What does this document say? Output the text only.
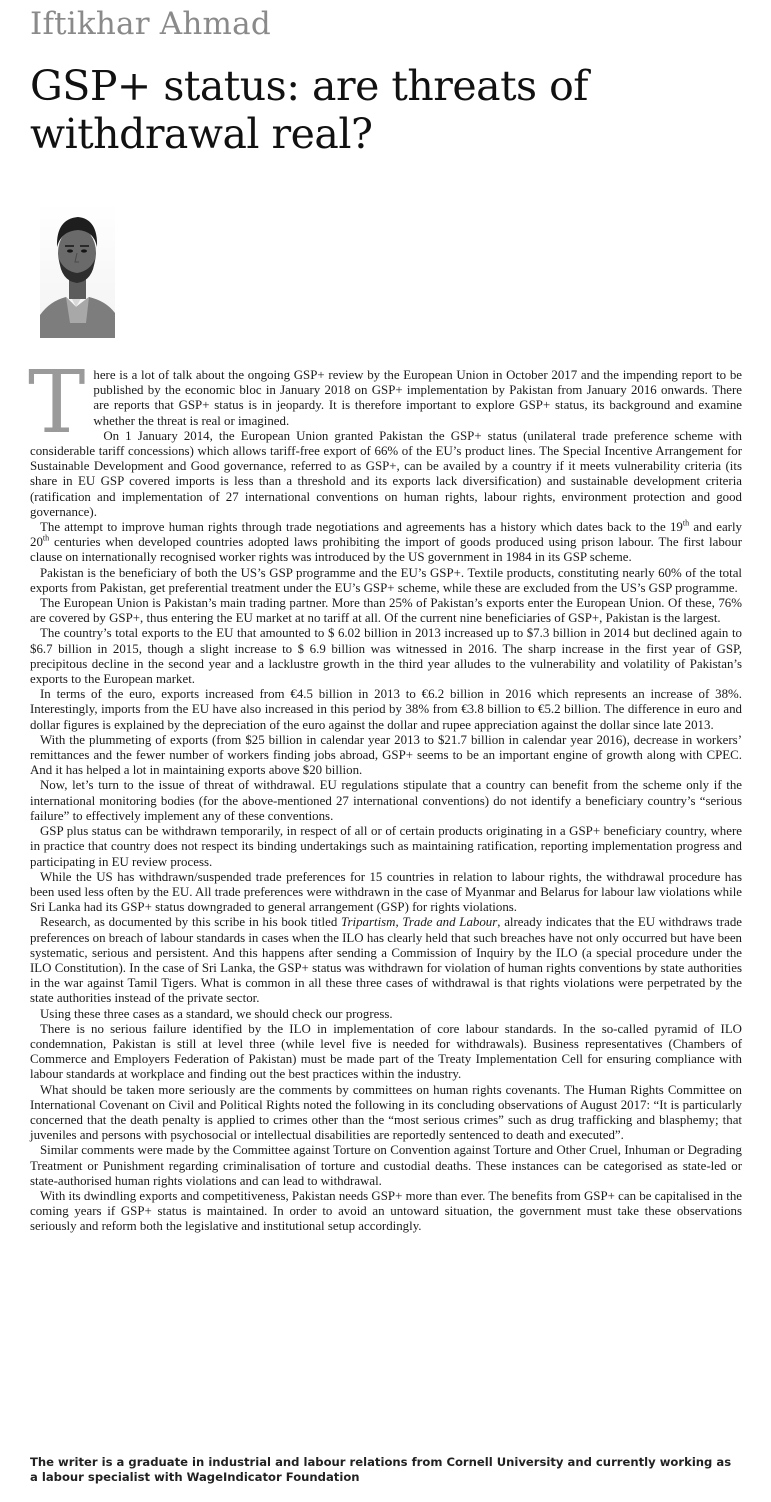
Iftikhar Ahmad
GSP+ status: are threats of withdrawal real?
T here is a lot of talk about the ongoing GSP+ review by the European Union in October 2017 and the impending report to be published by the economic bloc in January 2018 on GSP+ implementation by Pakistan from January 2016 onwards. There are reports that GSP+ status is in jeopardy. It is therefore important to explore GSP+ status, its background and examine whether the threat is real or imagined.

On 1 January 2014, the European Union granted Pakistan the GSP+ status (unilateral trade preference scheme with considerable tariff concessions) which allows tariff-free export of 66% of the EU’s product lines. The Special Incentive Arrangement for Sustainable Development and Good governance, referred to as GSP+, can be availed by a country if it meets vulnerability criteria (its share in EU GSP covered imports is less than a threshold and its exports lack diversification) and sustainable development criteria (ratification and implementation of 27 international conventions on human rights, labour rights, environment protection and good governance).

The attempt to improve human rights through trade negotiations and agreements has a history which dates back to the 19th and early 20th centuries when developed countries adopted laws prohibiting the import of goods produced using prison labour. The first labour clause on internationally recognised worker rights was introduced by the US government in 1984 in its GSP scheme.

Pakistan is the beneficiary of both the US’s GSP programme and the EU’s GSP+. Textile products, constituting nearly 60% of the total exports from Pakistan, get preferential treatment under the EU’s GSP+ scheme, while these are excluded from the US’s GSP programme.

The European Union is Pakistan’s main trading partner. More than 25% of Pakistan’s exports enter the European Union. Of these, 76% are covered by GSP+, thus entering the EU market at no tariff at all. Of the current nine beneficiaries of GSP+, Pakistan is the largest.

The country’s total exports to the EU that amounted to $ 6.02 billion in 2013 increased up to $7.3 billion in 2014 but declined again to $6.7 billion in 2015, though a slight increase to $ 6.9 billion was witnessed in 2016. The sharp increase in the first year of GSP, precipitous decline in the second year and a lacklustre growth in the third year alludes to the vulnerability and volatility of Pakistan’s exports to the European market.

In terms of the euro, exports increased from €4.5 billion in 2013 to €6.2 billion in 2016 which represents an increase of 38%. Interestingly, imports from the EU have also increased in this period by 38% from €3.8 billion to €5.2 billion. The difference in euro and dollar figures is explained by the depreciation of the euro against the dollar and rupee appreciation against the dollar since late 2013.

With the plummeting of exports (from $25 billion in calendar year 2013 to $21.7 billion in calendar year 2016), decrease in workers’ remittances and the fewer number of workers finding jobs abroad, GSP+ seems to be an important engine of growth along with CPEC. And it has helped a lot in maintaining exports above $20 billion.

Now, let’s turn to the issue of threat of withdrawal. EU regulations stipulate that a country can benefit from the scheme only if the international monitoring bodies (for the above-mentioned 27 international conventions) do not identify a beneficiary country’s “serious failure” to effectively implement any of these conventions.

GSP plus status can be withdrawn temporarily, in respect of all or of certain products originating in a GSP+ beneficiary country, where in practice that country does not respect its binding undertakings such as maintaining ratification, reporting implementation progress and participating in EU review process.

While the US has withdrawn/suspended trade preferences for 15 countries in relation to labour rights, the withdrawal procedure has been used less often by the EU. All trade preferences were withdrawn in the case of Myanmar and Belarus for labour law violations while Sri Lanka had its GSP+ status downgraded to general arrangement (GSP) for rights violations.

Research, as documented by this scribe in his book titled Tripartism, Trade and Labour, already indicates that the EU withdraws trade preferences on breach of labour standards in cases when the ILO has clearly held that such breaches have not only occurred but have been systematic, serious and persistent. And this happens after sending a Commission of Inquiry by the ILO (a special procedure under the ILO Constitution). In the case of Sri Lanka, the GSP+ status was withdrawn for violation of human rights conventions by state authorities in the war against Tamil Tigers. What is common in all these three cases of withdrawal is that rights violations were perpetrated by the state authorities instead of the private sector.

Using these three cases as a standard, we should check our progress.

There is no serious failure identified by the ILO in implementation of core labour standards. In the so-called pyramid of ILO condemnation, Pakistan is still at level three (while level five is needed for withdrawals). Business representatives (Chambers of Commerce and Employers Federation of Pakistan) must be made part of the Treaty Implementation Cell for ensuring compliance with labour standards at workplace and finding out the best practices within the industry.

What should be taken more seriously are the comments by committees on human rights covenants. The Human Rights Committee on International Covenant on Civil and Political Rights noted the following in its concluding observations of August 2017: “It is particularly concerned that the death penalty is applied to crimes other than the “most serious crimes” such as drug trafficking and blasphemy; that juveniles and persons with psychosocial or intellectual disabilities are reportedly sentenced to death and executed”.

Similar comments were made by the Committee against Torture on Convention against Torture and Other Cruel, Inhuman or Degrading Treatment or Punishment regarding criminalisation of torture and custodial deaths. These instances can be categorised as state-led or state-authorised human rights violations and can lead to withdrawal.

With its dwindling exports and competitiveness, Pakistan needs GSP+ more than ever. The benefits from GSP+ can be capitalised in the coming years if GSP+ status is maintained. In order to avoid an untoward situation, the government must take these observations seriously and reform both the legislative and institutional setup accordingly.

The writer is a graduate in industrial and labour relations from Cornell University and currently working as a labour specialist with WageIndicator Foundation
